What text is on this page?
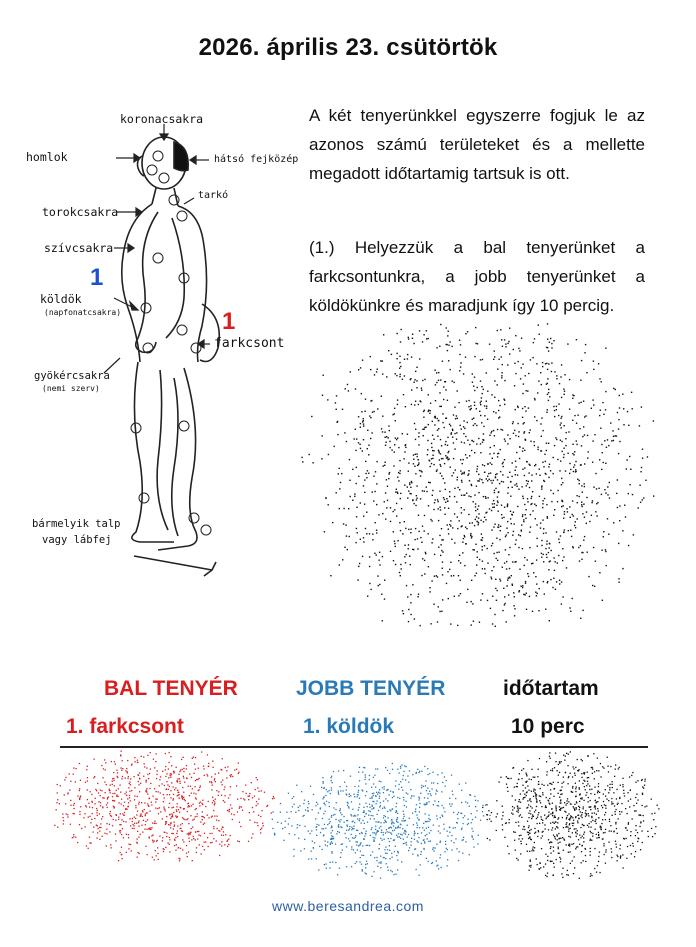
2026. április 23. csütörtök
koronacsakra
homlok	hátsó fejközép
tarkó
torokcsakra
szívcsakra
1
köldök
(napfonatcsakra)	1
farkcsont
gyökércsakra
(nemi szerv)
bármelyik talp
vagy lábfej

A két tenyerünkkel egyszerre fogjuk le az azonos számú területeket és a mellette megadott időtartamig tartsuk is ott.

(1.) Helyezzük a bal tenyerünket a farkcsontunkra, a jobb tenyerünket a köldökünkre és maradjunk így 10 percig.

BAL TENYÉR	JOBB TENYÉR	időtartam
1. farkcsont	1. köldök	10 perc
www.beresandrea.com
